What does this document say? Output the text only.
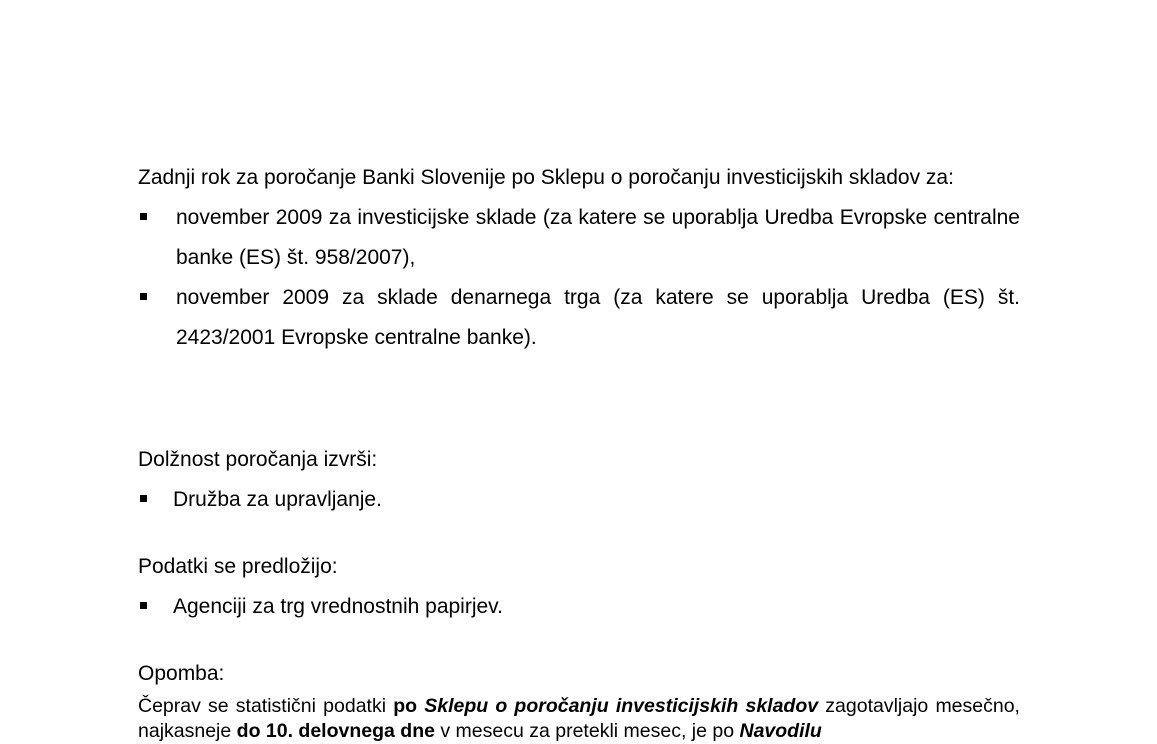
Zadnji rok za poročanje Banki Slovenije po Sklepu o poročanju investicijskih skladov za:

november 2009 za investicijske sklade (za katere se uporablja Uredba Evropske centralne banke (ES) št. 958/2007),
november 2009 za sklade denarnega trga (za katere se uporablja Uredba (ES) št. 2423/2001 Evropske centralne banke).

Dolžnost poročanja izvrši:

Družba za upravljanje.

Podatki se predložijo:

Agenciji za trg vrednostnih papirjev.

Opomba:

Čeprav se statistični podatki po Sklepu o poročanju investicijskih skladov zagotavljajo mesečno, najkasneje do 10. delovnega dne v mesecu za pretekli mesec, je po Navodilu
